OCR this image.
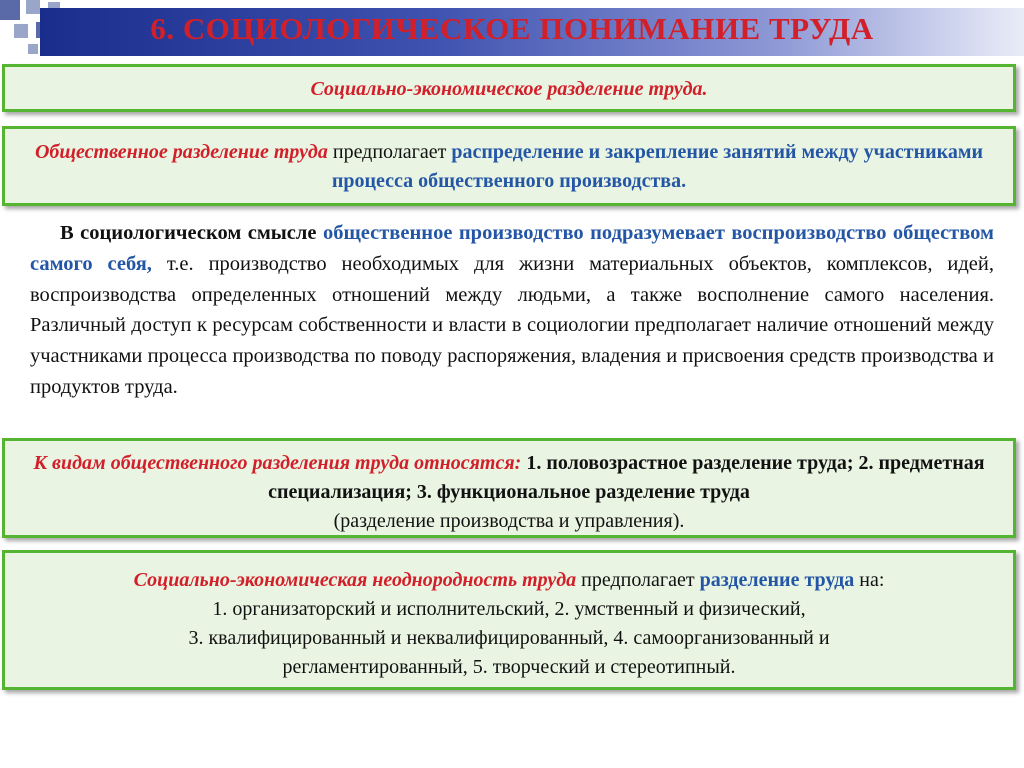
6. СОЦИОЛОГИЧЕСКОЕ ПОНИМАНИЕ ТРУДА
Социально-экономическое разделение труда.
Общественное разделение труда предполагает распределение и закрепление занятий между участниками процесса общественного производства.
В социологическом смысле общественное производство подразумевает воспроизводство обществом самого себя, т.е. производство необходимых для жизни материальных объектов, комплексов, идей, воспроизводства определенных отношений между людьми, а также восполнение самого населения. Различный доступ к ресурсам собственности и власти в социологии предполагает наличие отношений между участниками процесса производства по поводу распоряжения, владения и присвоения средств производства и продуктов труда.
К видам общественного разделения труда относятся: 1. половозрастное разделение труда; 2. предметная специализация; 3. функциональное разделение труда
(разделение производства и управления).
Социально-экономическая неоднородность труда предполагает разделение труда на:
1. организаторский и исполнительский, 2. умственный и физический,
3. квалифицированный и неквалифицированный, 4. самоорганизованный и
регламентированный, 5. творческий и стереотипный.
